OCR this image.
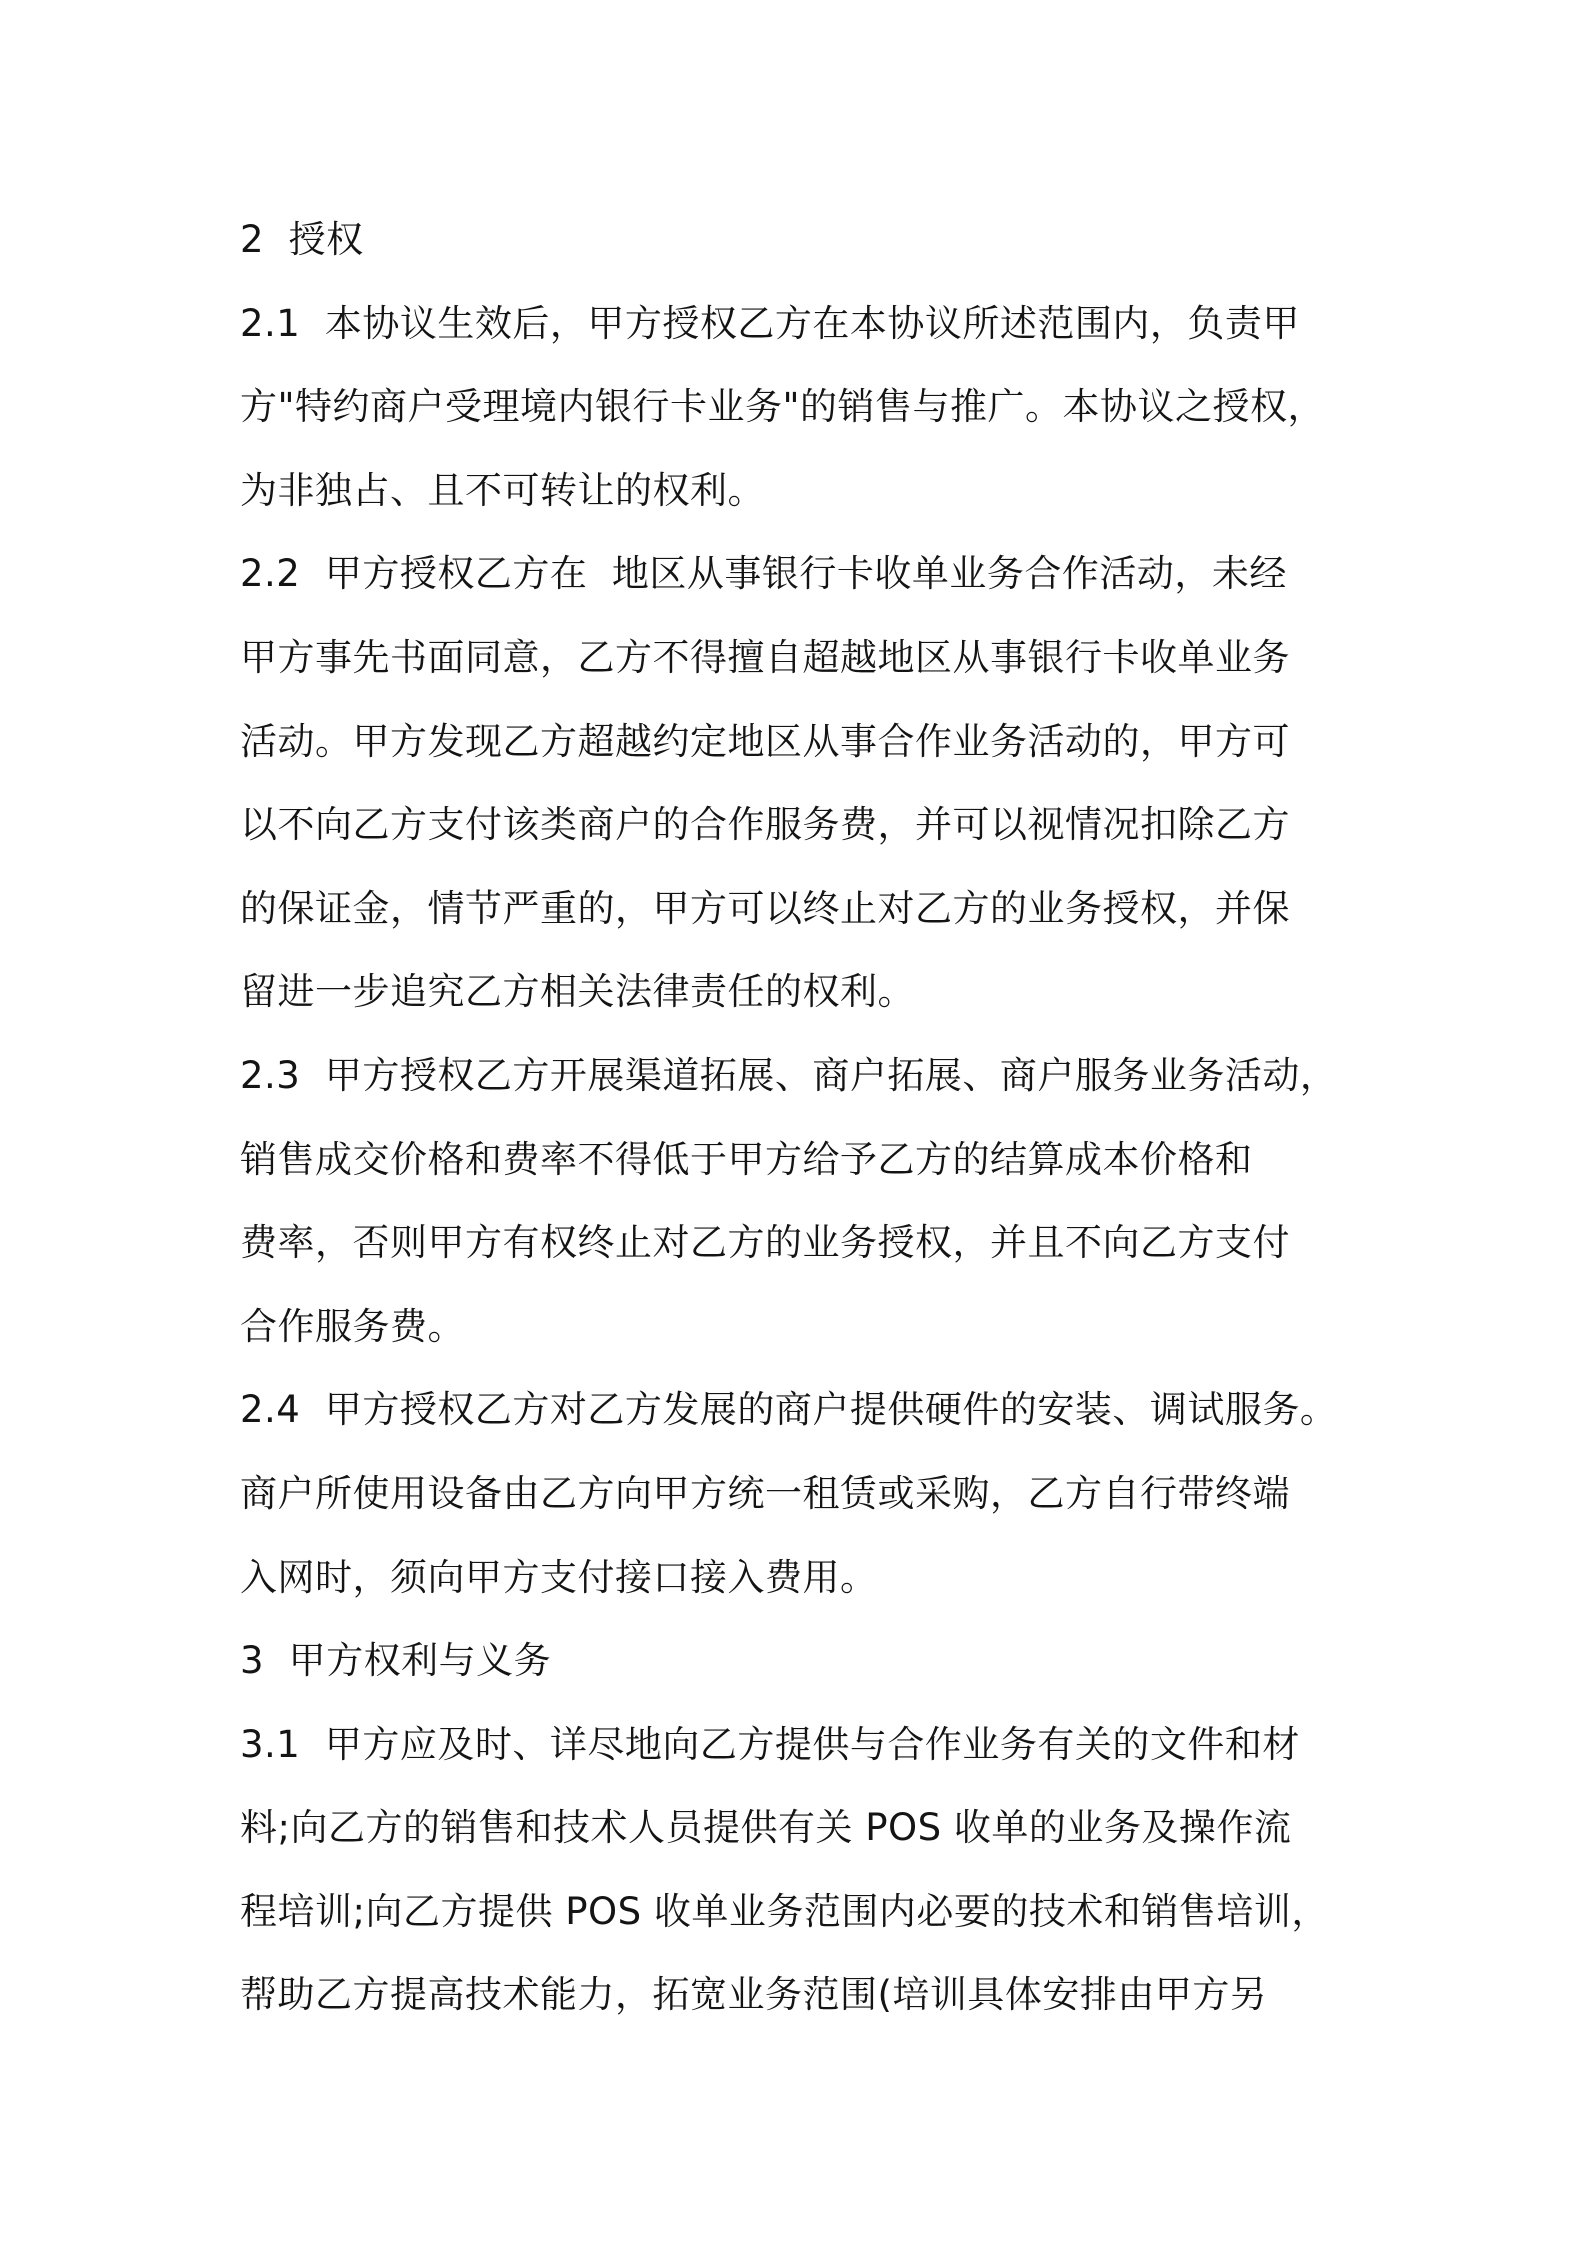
2  授权
2.1  本协议生效后，甲方授权乙方在本协议所述范围内，负责甲
方"特约商户受理境内银行卡业务"的销售与推广。本协议之授权，
为非独占、且不可转让的权利。
2.2  甲方授权乙方在  地区从事银行卡收单业务合作活动，未经
甲方事先书面同意，乙方不得擅自超越地区从事银行卡收单业务
活动。甲方发现乙方超越约定地区从事合作业务活动的，甲方可
以不向乙方支付该类商户的合作服务费，并可以视情况扣除乙方
的保证金，情节严重的，甲方可以终止对乙方的业务授权，并保
留进一步追究乙方相关法律责任的权利。
2.3  甲方授权乙方开展渠道拓展、商户拓展、商户服务业务活动，
销售成交价格和费率不得低于甲方给予乙方的结算成本价格和
费率，否则甲方有权终止对乙方的业务授权，并且不向乙方支付
合作服务费。
2.4  甲方授权乙方对乙方发展的商户提供硬件的安装、调试服务。
商户所使用设备由乙方向甲方统一租赁或采购，乙方自行带终端
入网时，须向甲方支付接口接入费用。
3  甲方权利与义务
3.1  甲方应及时、详尽地向乙方提供与合作业务有关的文件和材
料;向乙方的销售和技术人员提供有关 POS 收单的业务及操作流
程培训;向乙方提供 POS 收单业务范围内必要的技术和销售培训，
帮助乙方提高技术能力，拓宽业务范围(培训具体安排由甲方另
